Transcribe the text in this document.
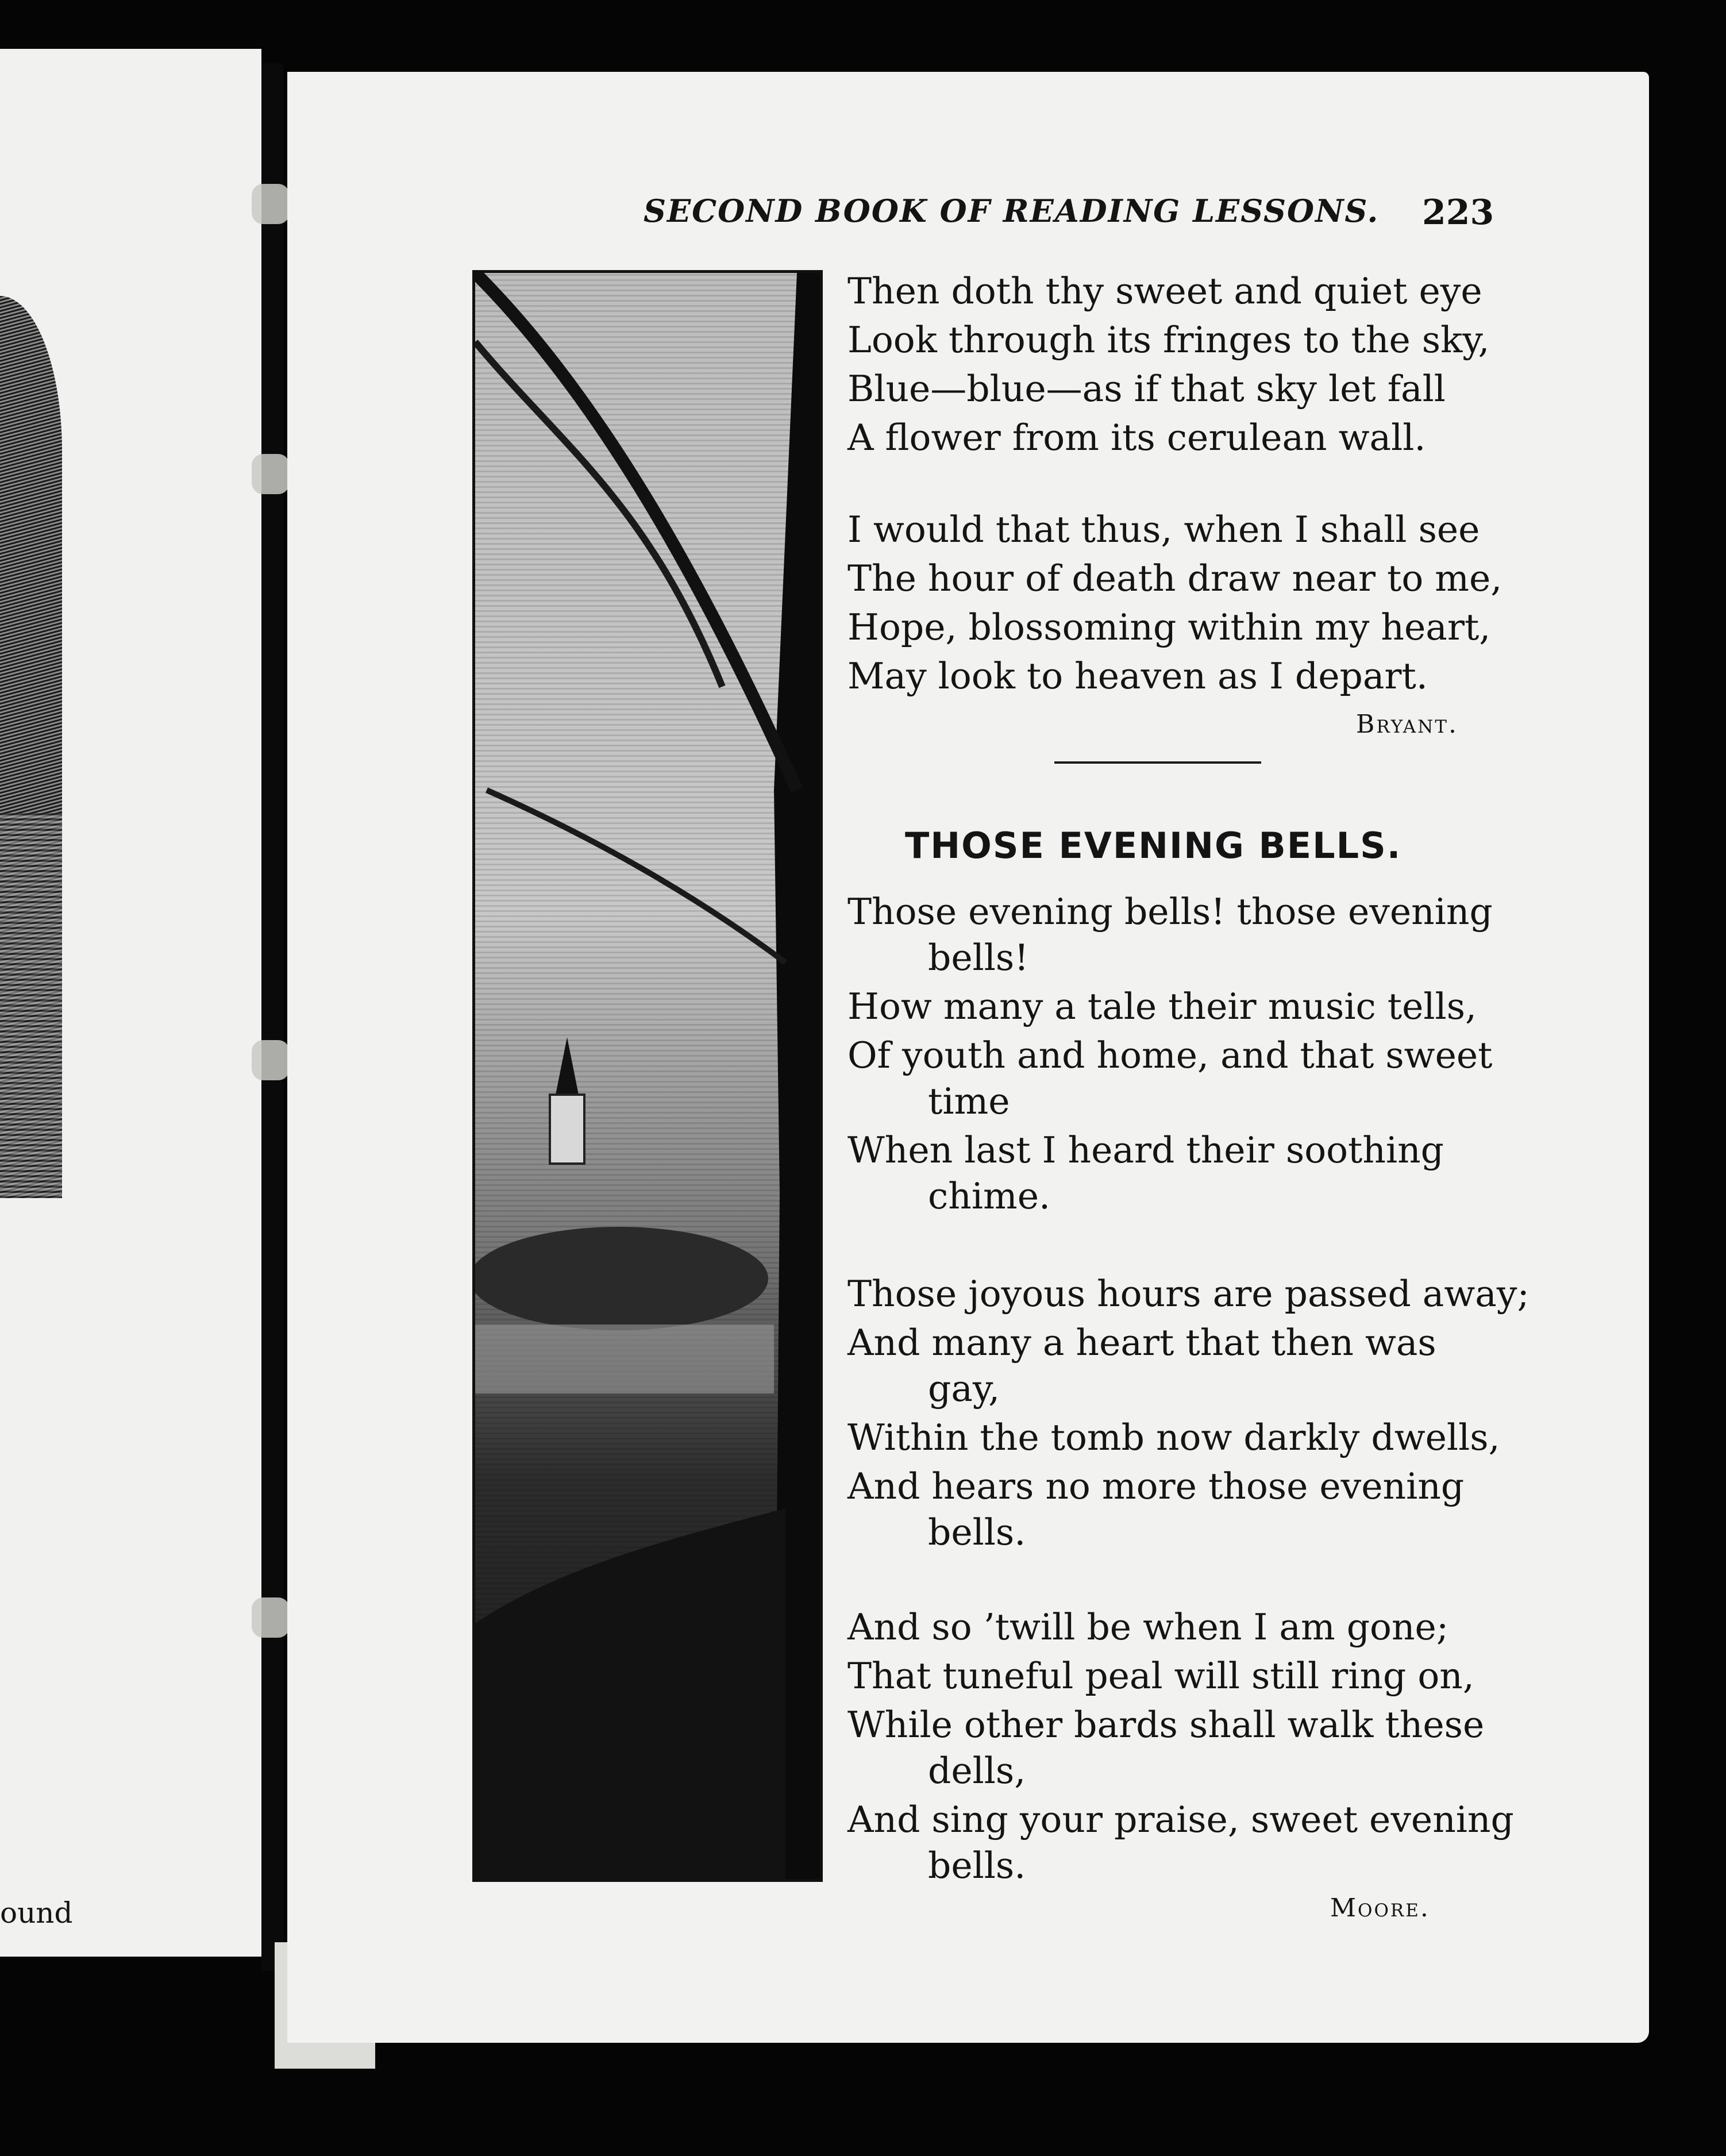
ound
SECOND BOOK OF READING LESSONS. 223
Then doth thy sweet and quiet eye
Look through its fringes to the sky,
Blue—blue—as if that sky let fall
A flower from its cerulean wall.
I would that thus, when I shall see
The hour of death draw near to me,
Hope, blossoming within my heart,
May look to heaven as I depart.
Bryant.
THOSE EVENING BELLS.
Those evening bells! those evening
bells!
How many a tale their music tells,
Of youth and home, and that sweet
time
When last I heard their soothing
chime.
Those joyous hours are passed away;
And many a heart that then was
gay,
Within the tomb now darkly dwells,
And hears no more those evening
bells.
And so ’twill be when I am gone;
That tuneful peal will still ring on,
While other bards shall walk these
dells,
And sing your praise, sweet evening
bells.
Moore.
